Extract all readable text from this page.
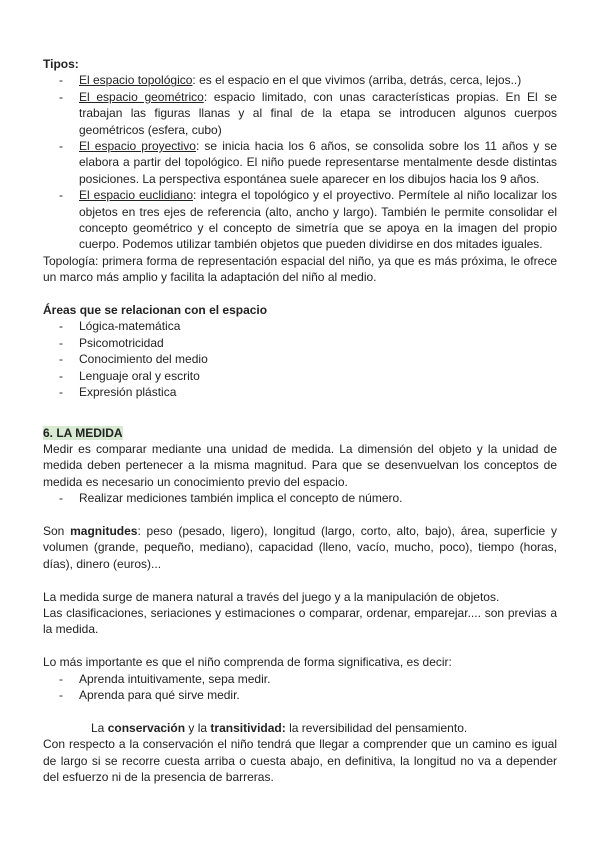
Tipos:

- El espacio topológico: es el espacio en el que vivimos (arriba, detrás, cerca, lejos..)
- El espacio geométrico: espacio limitado, con unas características propias. En El se trabajan las figuras llanas y al final de la etapa se introducen algunos cuerpos geométricos (esfera, cubo)
- El espacio proyectivo: se inicia hacia los 6 años, se consolida sobre los 11 años y se elabora a partir del topológico. El niño puede representarse mentalmente desde distintas posiciones. La perspectiva espontánea suele aparecer en los dibujos hacia los 9 años.
- El espacio euclidiano: integra el topológico y el proyectivo. Permítele al niño localizar los objetos en tres ejes de referencia (alto, ancho y largo). También le permite consolidar el concepto geométrico y el concepto de simetría que se apoya en la imagen del propio cuerpo. Podemos utilizar también objetos que pueden dividirse en dos mitades iguales.

Topología: primera forma de representación espacial del niño, ya que es más próxima, le ofrece un marco más amplio y facilita la adaptación del niño al medio.

Áreas que se relacionan con el espacio

- Lógica-matemática
- Psicomotricidad
- Conocimiento del medio
- Lenguaje oral y escrito
- Expresión plástica

6. LA MEDIDA

Medir es comparar mediante una unidad de medida. La dimensión del objeto y la unidad de medida deben pertenecer a la misma magnitud. Para que se desenvuelvan los conceptos de medida es necesario un conocimiento previo del espacio.

- Realizar mediciones también implica el concepto de número.

Son magnitudes: peso (pesado, ligero), longitud (largo, corto, alto, bajo), área, superficie y volumen (grande, pequeño, mediano), capacidad (lleno, vacío, mucho, poco), tiempo (horas, días), dinero (euros)...

La medida surge de manera natural a través del juego y a la manipulación de objetos.

Las clasificaciones, seriaciones y estimaciones o comparar, ordenar, emparejar.... son previas a la medida.

Lo más importante es que el niño comprenda de forma significativa, es decir:

- Aprenda intuitivamente, sepa medir.
- Aprenda para qué sirve medir.

La conservación y la transitividad: la reversibilidad del pensamiento.

Con respecto a la conservación el niño tendrá que llegar a comprender que un camino es igual de largo si se recorre cuesta arriba o cuesta abajo, en definitiva, la longitud no va a depender del esfuerzo ni de la presencia de barreras.
